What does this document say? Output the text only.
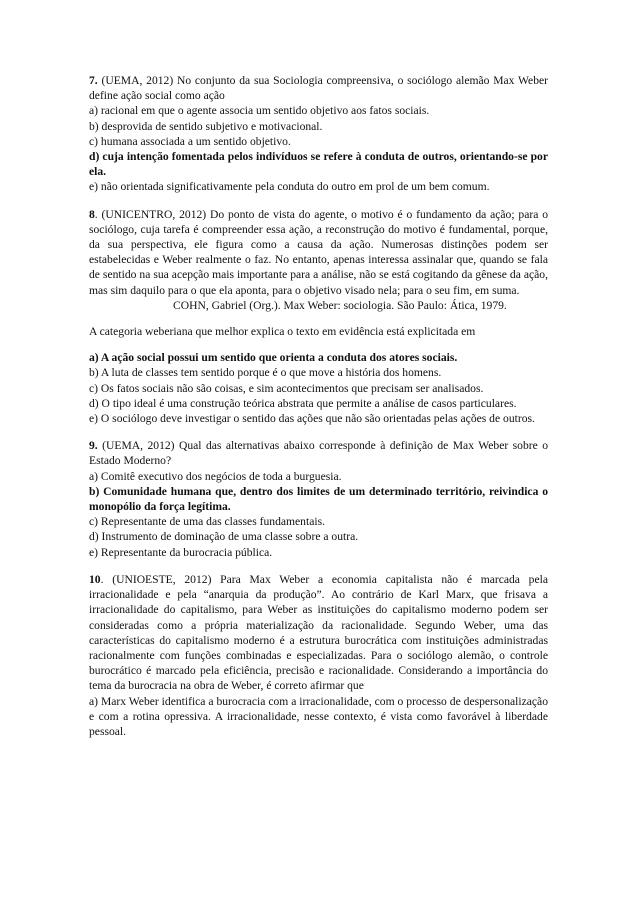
7. (UEMA, 2012) No conjunto da sua Sociologia compreensiva, o sociólogo alemão Max Weber define ação social como ação
a) racional em que o agente associa um sentido objetivo aos fatos sociais.
b) desprovida de sentido subjetivo e motivacional.
c) humana associada a um sentido objetivo.
d) cuja intenção fomentada pelos indivíduos se refere à conduta de outros, orientando-se por ela.
e) não orientada significativamente pela conduta do outro em prol de um bem comum.
8. (UNICENTRO, 2012) Do ponto de vista do agente, o motivo é o fundamento da ação; para o sociólogo, cuja tarefa é compreender essa ação, a reconstrução do motivo é fundamental, porque, da sua perspectiva, ele figura como a causa da ação. Numerosas distinções podem ser estabelecidas e Weber realmente o faz. No entanto, apenas interessa assinalar que, quando se fala de sentido na sua acepção mais importante para a análise, não se está cogitando da gênese da ação, mas sim daquilo para o que ela aponta, para o objetivo visado nela; para o seu fim, em suma.
COHN, Gabriel (Org.). Max Weber: sociologia. São Paulo: Ática, 1979.
A categoria weberiana que melhor explica o texto em evidência está explicitada em
a) A ação social possui um sentido que orienta a conduta dos atores sociais.
b) A luta de classes tem sentido porque é o que move a história dos homens.
c) Os fatos sociais não são coisas, e sim acontecimentos que precisam ser analisados.
d) O tipo ideal é uma construção teórica abstrata que permite a análise de casos particulares.
e) O sociólogo deve investigar o sentido das ações que não são orientadas pelas ações de outros.
9. (UEMA, 2012) Qual das alternativas abaixo corresponde à definição de Max Weber sobre o Estado Moderno?
a) Comitê executivo dos negócios de toda a burguesia.
b) Comunidade humana que, dentro dos limites de um determinado território, reivindica o monopólio da força legítima.
c) Representante de uma das classes fundamentais.
d) Instrumento de dominação de uma classe sobre a outra.
e) Representante da burocracia pública.
10. (UNIOESTE, 2012) Para Max Weber a economia capitalista não é marcada pela irracionalidade e pela “anarquia da produção”. Ao contrário de Karl Marx, que frisava a irracionalidade do capitalismo, para Weber as instituições do capitalismo moderno podem ser consideradas como a própria materialização da racionalidade. Segundo Weber, uma das características do capitalismo moderno é a estrutura burocrática com instituições administradas racionalmente com funções combinadas e especializadas. Para o sociólogo alemão, o controle burocrático é marcado pela eficiência, precisão e racionalidade. Considerando a importância do tema da burocracia na obra de Weber, é correto afirmar que
a) Marx Weber identifica a burocracia com a irracionalidade, com o processo de despersonalização e com a rotina opressiva. A irracionalidade, nesse contexto, é vista como favorável à liberdade pessoal.
